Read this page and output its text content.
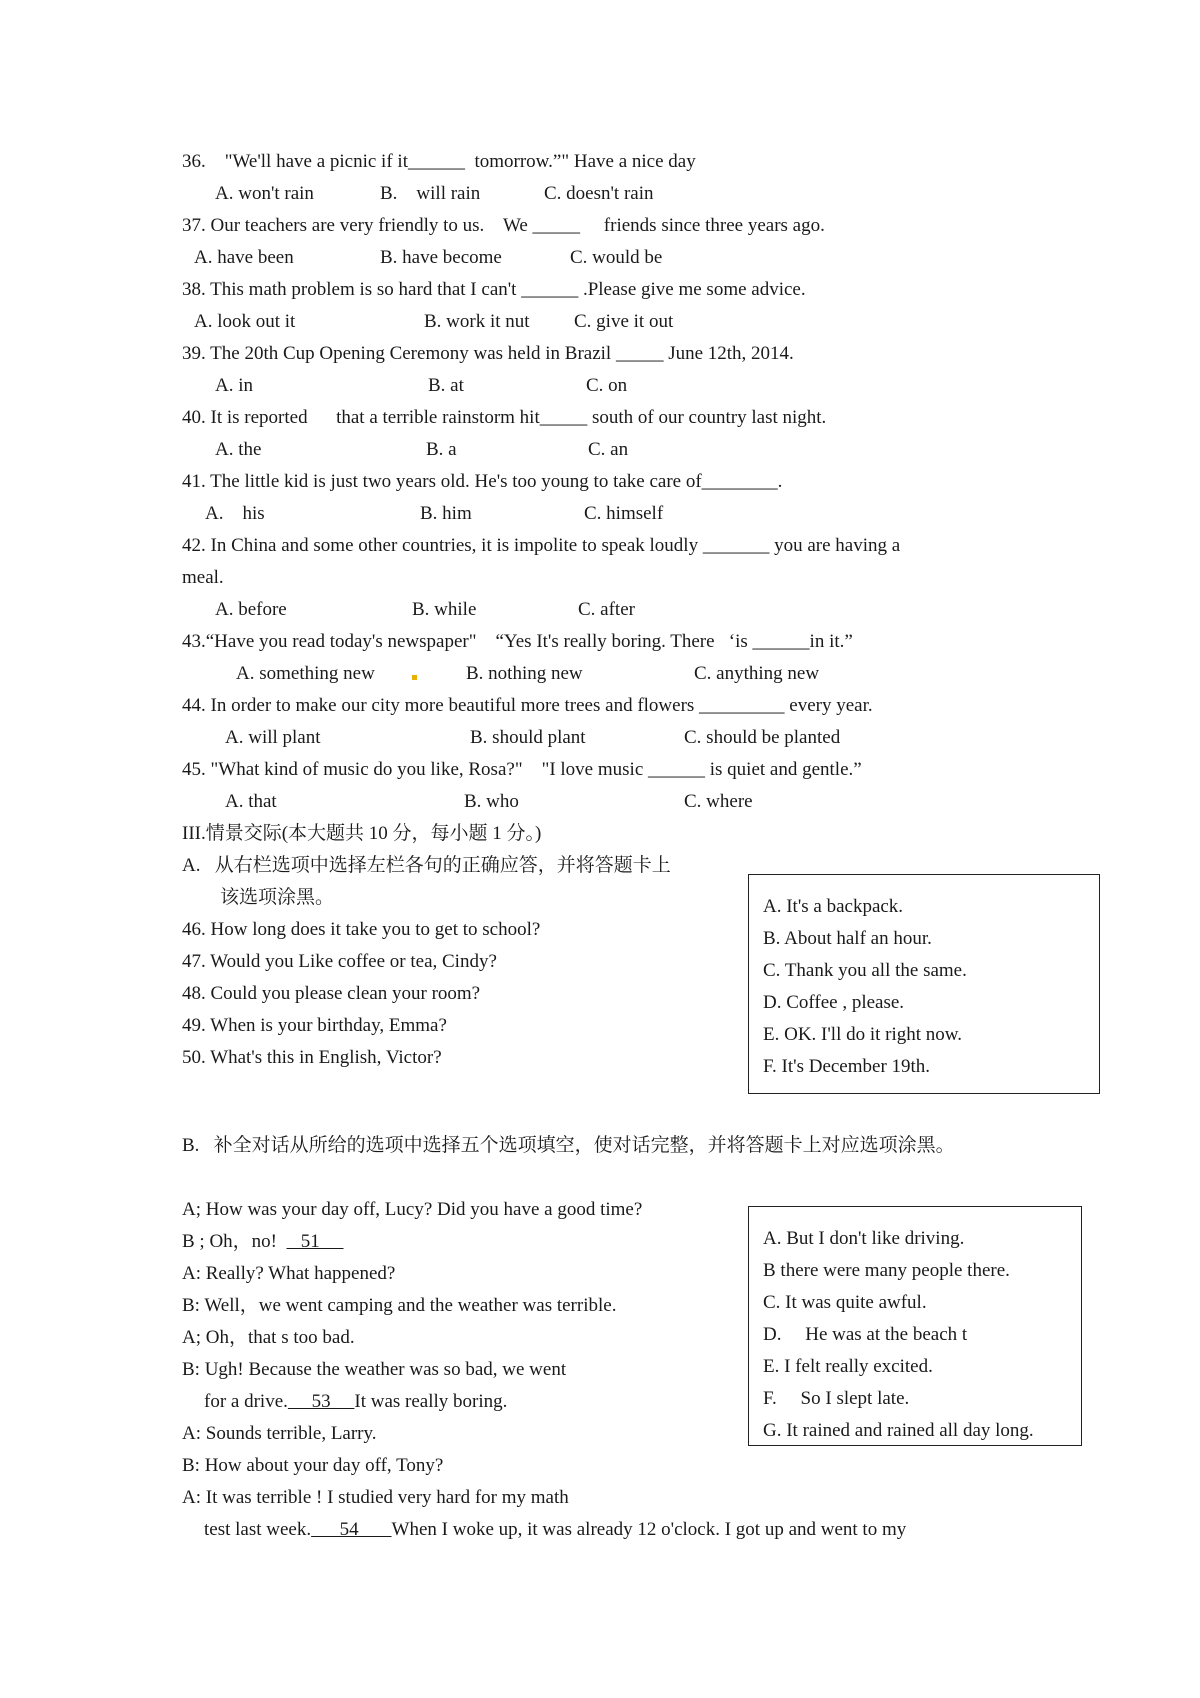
36.    "We'll have a picnic if it______  tomorrow.”" Have a nice day
A. won't rain	B.    will rain	C. doesn't rain
37. Our teachers are very friendly to us.    We _____     friends since three years ago.
A. have been	B. have become	C. would be
38. This math problem is so hard that I can't ______ .Please give me some advice.
A. look out it	B. work it nut C. give it out
39. The 20th Cup Opening Ceremony was held in Brazil _____ June 12th, 2014.
A. in	B. at	C. on
40. It is reported      that a terrible rainstorm hit_____ south of our country last night.
A. the	B. a	C. an
41. The little kid is just two years old. He's too young to take care of________.
A.    his	B. him	C. himself
42. In China and some other countries, it is impolite to speak loudly _______ you are having a
meal.
A. before	B. while	C. after
43.“Have you read today's newspaper"    “Yes It's really boring. There   ‘is ______in it.”
A. something new	B. nothing new	C. anything new
44. In order to make our city more beautiful more trees and flowers _________ every year.
A. will plant	B. should plant	C. should be planted
45. "What kind of music do you like, Rosa?"    "I love music ______ is quiet and gentle.”
A. that	B. who	C. where
III.情景交际(本大题共 10 分，每小题 1 分。)
A.   从右栏选项中选择左栏各句的正确应答，并将答题卡上
该选项涂黑。
46. How long does it take you to get to school?
47. Would you Like coffee or tea, Cindy?
48. Could you please clean your room?
49. When is your birthday, Emma?
50. What's this in English, Victor?
A. It's a backpack.
B. About half an hour.
C. Thank you all the same.
D. Coffee , please.
E. OK. I'll do it right now.
F. It's December 19th.
B.   补全对话从所给的选项中选择五个选项填空，使对话完整，并将答题卡上对应选项涂黑。
A; How was your day off, Lucy? Did you have a good time?
B ; Oh，no!     51
A: Really? What happened?
B: Well，we went camping and the weather was terrible.
A; Oh，that s too bad.
B: Ugh! Because the weather was so bad, we went
for a drive.     53     It was really boring.
A: Sounds terrible, Larry.
B: How about your day off, Tony?
A: It was terrible ! I studied very hard for my math
test last week.      54       When I woke up, it was already 12 o'clock. I got up and went to my
A. But I don't like driving.
B there were many people there.
C. It was quite awful.
D.     He was at the beach t
E. I felt really excited.
F.     So I slept late.
G. It rained and rained all day long.
